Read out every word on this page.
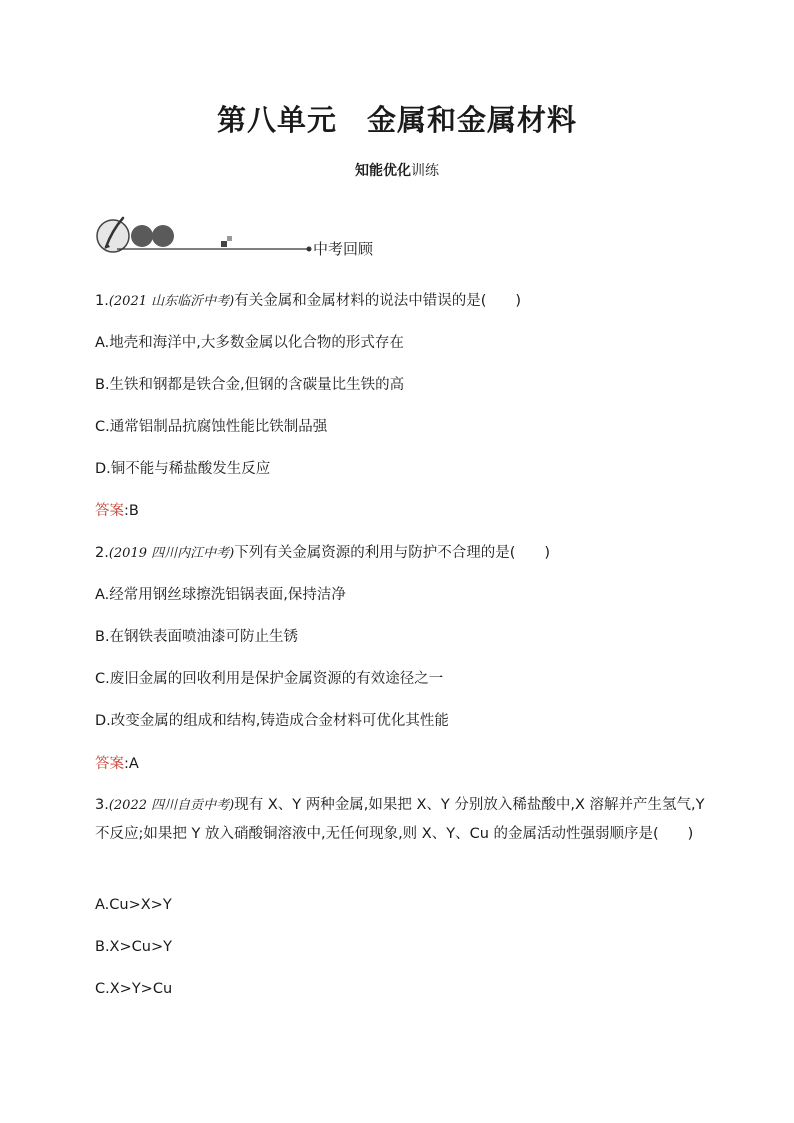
第八单元　金属和金属材料
知能优化训练
中考回顾
1.(2021 山东临沂中考)有关金属和金属材料的说法中错误的是(　　)
A.地壳和海洋中,大多数金属以化合物的形式存在
B.生铁和钢都是铁合金,但钢的含碳量比生铁的高
C.通常铝制品抗腐蚀性能比铁制品强
D.铜不能与稀盐酸发生反应
答案:B
2.(2019 四川内江中考)下列有关金属资源的利用与防护不合理的是(　　)
A.经常用钢丝球擦洗铝锅表面,保持洁净
B.在钢铁表面喷油漆可防止生锈
C.废旧金属的回收利用是保护金属资源的有效途径之一
D.改变金属的组成和结构,铸造成合金材料可优化其性能
答案:A
3.(2022 四川自贡中考)现有 X、Y 两种金属,如果把 X、Y 分别放入稀盐酸中,X 溶解并产生氢气,Y 不反应;如果把 Y 放入硝酸铜溶液中,无任何现象,则 X、Y、Cu 的金属活动性强弱顺序是(　　)
A.Cu>X>Y
B.X>Cu>Y
C.X>Y>Cu
